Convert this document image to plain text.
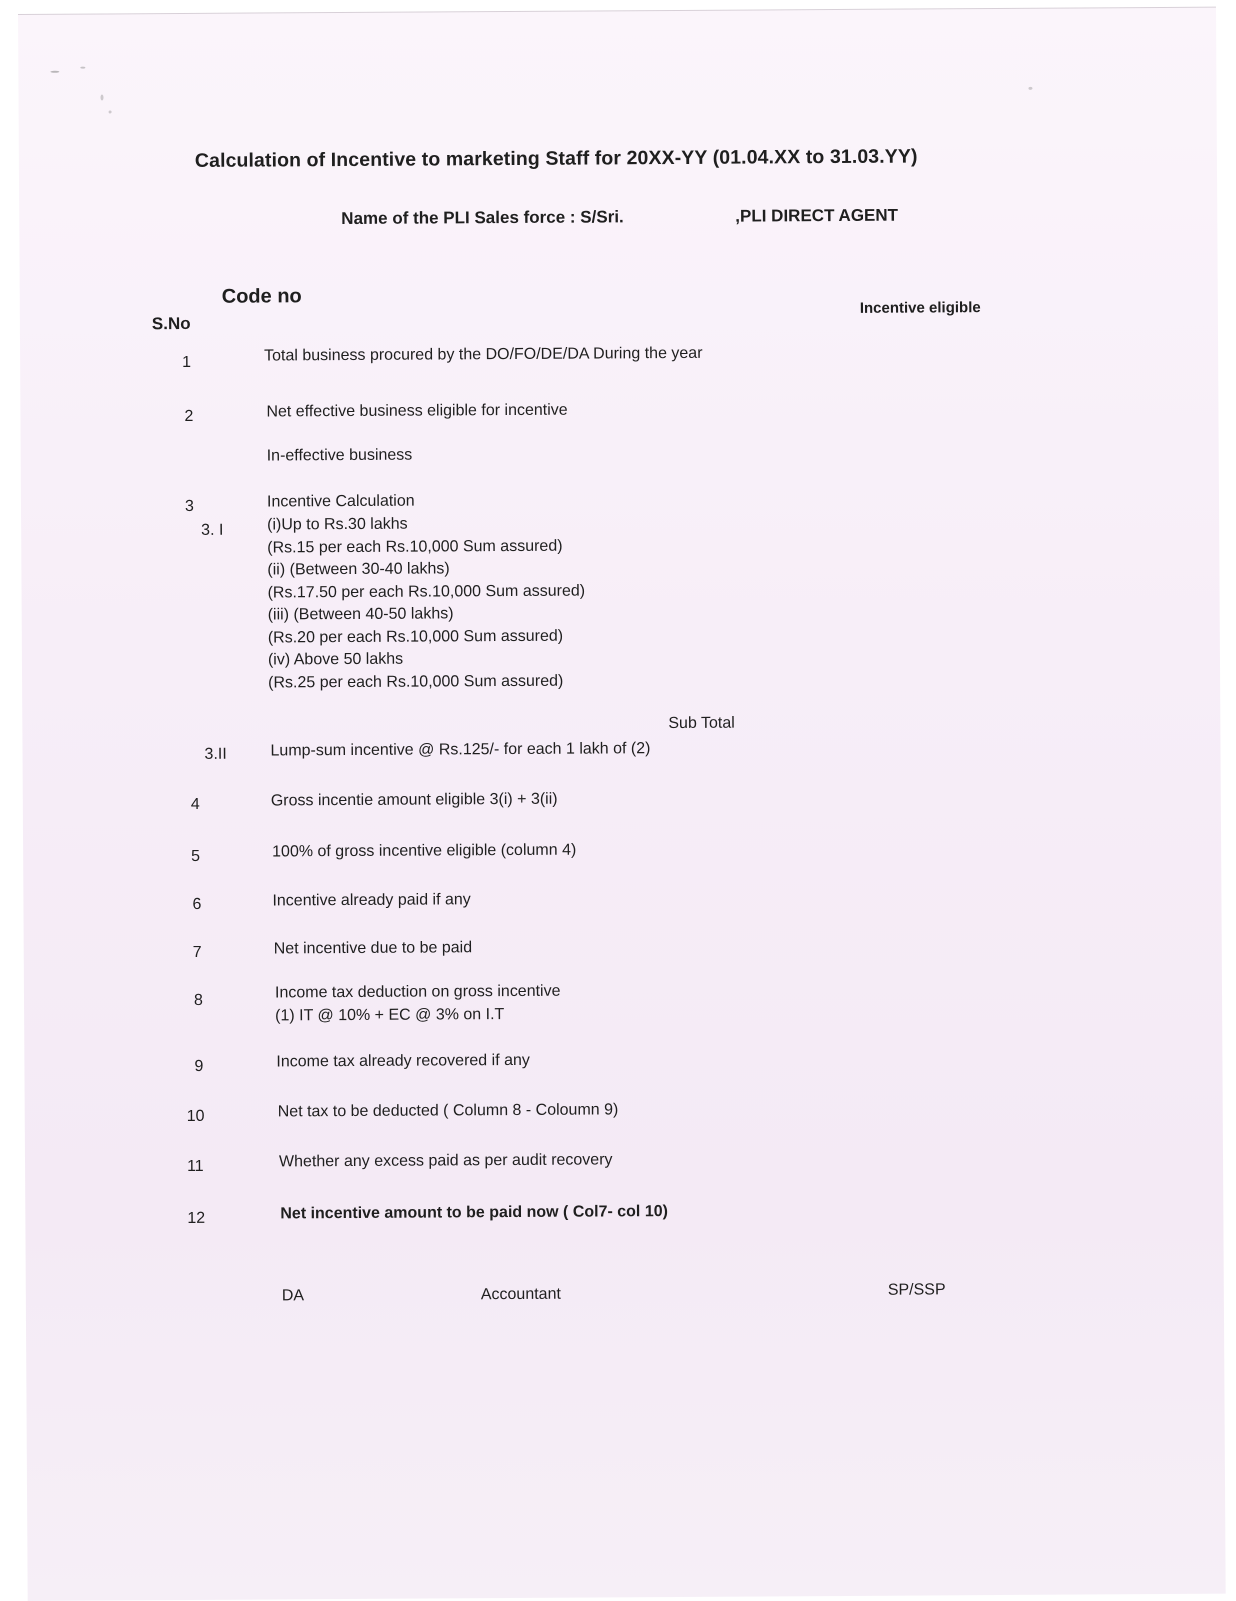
Calculation of Incentive to marketing Staff for 20XX-YY (01.04.XX to 31.03.YY)
Name of the PLI Sales force : S/Sri.	,PLI DIRECT AGENT
Code no
S.No
Incentive eligible
1	Total business procured by the DO/FO/DE/DA During the year
2	Net effective business eligible for incentive
In-effective business
3	Incentive Calculation
3. I	(i)Up to Rs.30 lakhs
(Rs.15 per each Rs.10,000 Sum assured)
(ii) (Between 30-40 lakhs)
(Rs.17.50 per each Rs.10,000 Sum assured)
(iii) (Between 40-50 lakhs)
(Rs.20 per each Rs.10,000 Sum assured)
(iv) Above 50 lakhs
(Rs.25 per each Rs.10,000 Sum assured)
Sub Total
3.II	Lump-sum incentive @ Rs.125/- for each 1 lakh of (2)
4	Gross incentie amount eligible 3(i) + 3(ii)
5	100% of gross incentive eligible (column 4)
6	Incentive already paid if any
7	Net incentive due to be paid
8	Income tax deduction on gross incentive
(1) IT @ 10% + EC @ 3% on I.T
9	Income tax already recovered if any
10	Net tax to be deducted ( Column 8 - Coloumn 9)
11	Whether any excess paid as per audit recovery
12	Net incentive amount to be paid now ( Col7- col 10)
DA	Accountant	SP/SSP
